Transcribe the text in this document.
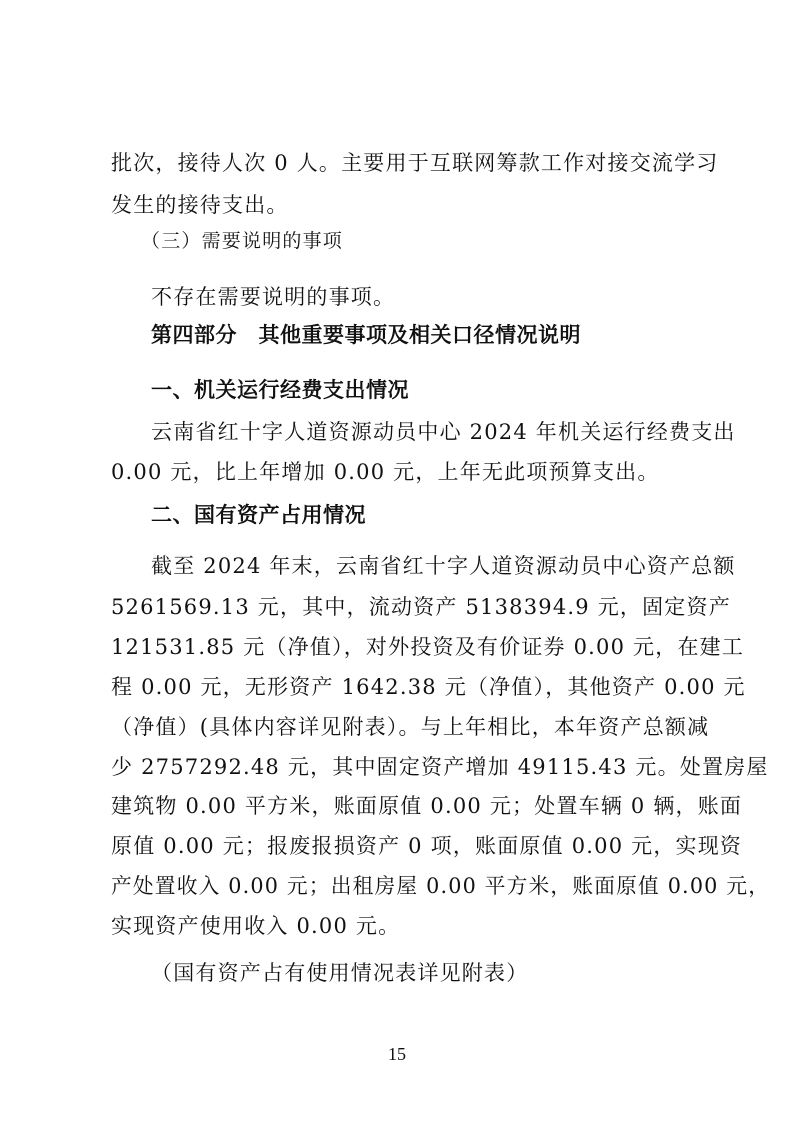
批次，接待人次 0 人。主要用于互联网筹款工作对接交流学习
发生的接待支出。
（三）需要说明的事项
不存在需要说明的事项。
第四部分　其他重要事项及相关口径情况说明
一、机关运行经费支出情况
云南省红十字人道资源动员中心 2024 年机关运行经费支出
0.00 元，比上年增加 0.00 元，上年无此项预算支出。
二、国有资产占用情况
截至 2024 年末，云南省红十字人道资源动员中心资产总额
5261569.13 元，其中，流动资产 5138394.9 元，固定资产
121531.85 元（净值），对外投资及有价证券 0.00 元，在建工
程 0.00 元，无形资产 1642.38 元（净值），其他资产 0.00 元
（净值）(具体内容详见附表）。与上年相比，本年资产总额减
少 2757292.48 元，其中固定资产增加 49115.43 元。处置房屋
建筑物 0.00 平方米，账面原值 0.00 元；处置车辆 0 辆，账面
原值 0.00 元；报废报损资产 0 项，账面原值 0.00 元，实现资
产处置收入 0.00 元；出租房屋 0.00 平方米，账面原值 0.00 元，
实现资产使用收入 0.00 元。
（国有资产占有使用情况表详见附表）
15
